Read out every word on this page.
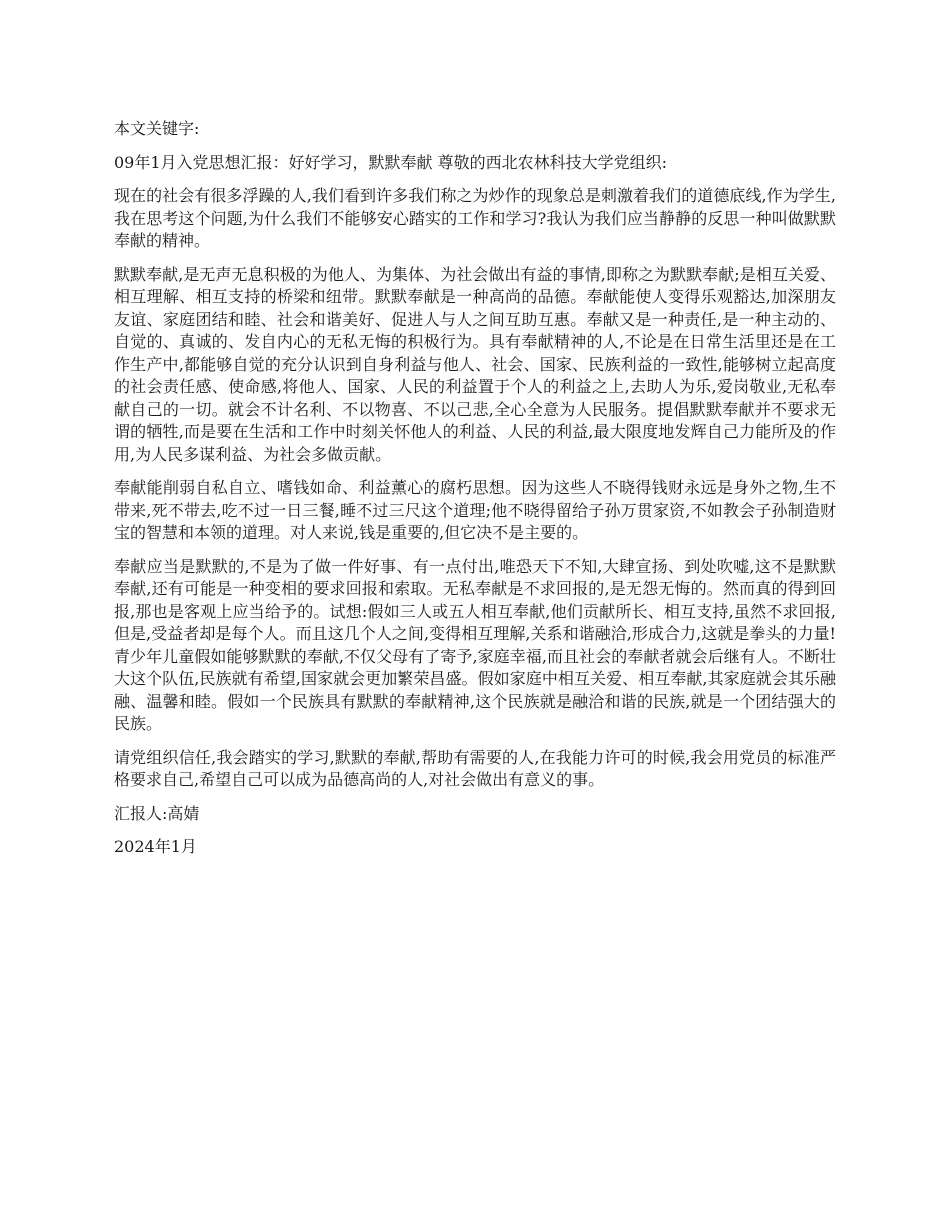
本文关键字:

09年1月入党思想汇报：好好学习，默默奉献 尊敬的西北农林科技大学党组织:

现在的社会有很多浮躁的人,我们看到许多我们称之为炒作的现象总是刺激着我们的道德底线,作为学生,我在思考这个问题,为什么我们不能够安心踏实的工作和学习?我认为我们应当静静的反思一种叫做默默奉献的精神。

默默奉献,是无声无息积极的为他人、为集体、为社会做出有益的事情,即称之为默默奉献;是相互关爱、相互理解、相互支持的桥梁和纽带。默默奉献是一种高尚的品德。奉献能使人变得乐观豁达,加深朋友友谊、家庭团结和睦、社会和谐美好、促进人与人之间互助互惠。奉献又是一种责任,是一种主动的、自觉的、真诚的、发自内心的无私无悔的积极行为。具有奉献精神的人,不论是在日常生活里还是在工作生产中,都能够自觉的充分认识到自身利益与他人、社会、国家、民族利益的一致性,能够树立起高度的社会责任感、使命感,将他人、国家、人民的利益置于个人的利益之上,去助人为乐,爱岗敬业,无私奉献自己的一切。就会不计名利、不以物喜、不以己悲,全心全意为人民服务。提倡默默奉献并不要求无谓的牺牲,而是要在生活和工作中时刻关怀他人的利益、人民的利益,最大限度地发辉自己力能所及的作用,为人民多谋利益、为社会多做贡献。

奉献能削弱自私自立、嗜钱如命、利益薰心的腐朽思想。因为这些人不晓得钱财永远是身外之物,生不带来,死不带去,吃不过一日三餐,睡不过三尺这个道理;他不晓得留给子孙万贯家资,不如教会子孙制造财宝的智慧和本领的道理。对人来说,钱是重要的,但它决不是主要的。

奉献应当是默默的,不是为了做一件好事、有一点付出,唯恐天下不知,大肆宣扬、到处吹嘘,这不是默默奉献,还有可能是一种变相的要求回报和索取。无私奉献是不求回报的,是无怨无悔的。然而真的得到回报,那也是客观上应当给予的。试想:假如三人或五人相互奉献,他们贡献所长、相互支持,虽然不求回报,但是,受益者却是每个人。而且这几个人之间,变得相互理解,关系和谐融洽,形成合力,这就是拳头的力量!青少年儿童假如能够默默的奉献,不仅父母有了寄予,家庭幸福,而且社会的奉献者就会后继有人。不断壮大这个队伍,民族就有希望,国家就会更加繁荣昌盛。假如家庭中相互关爱、相互奉献,其家庭就会其乐融融、温馨和睦。假如一个民族具有默默的奉献精神,这个民族就是融洽和谐的民族,就是一个团结强大的民族。

请党组织信任,我会踏实的学习,默默的奉献,帮助有需要的人,在我能力许可的时候,我会用党员的标准严格要求自己,希望自己可以成为品德高尚的人,对社会做出有意义的事。

汇报人:高婧

2024年1月
